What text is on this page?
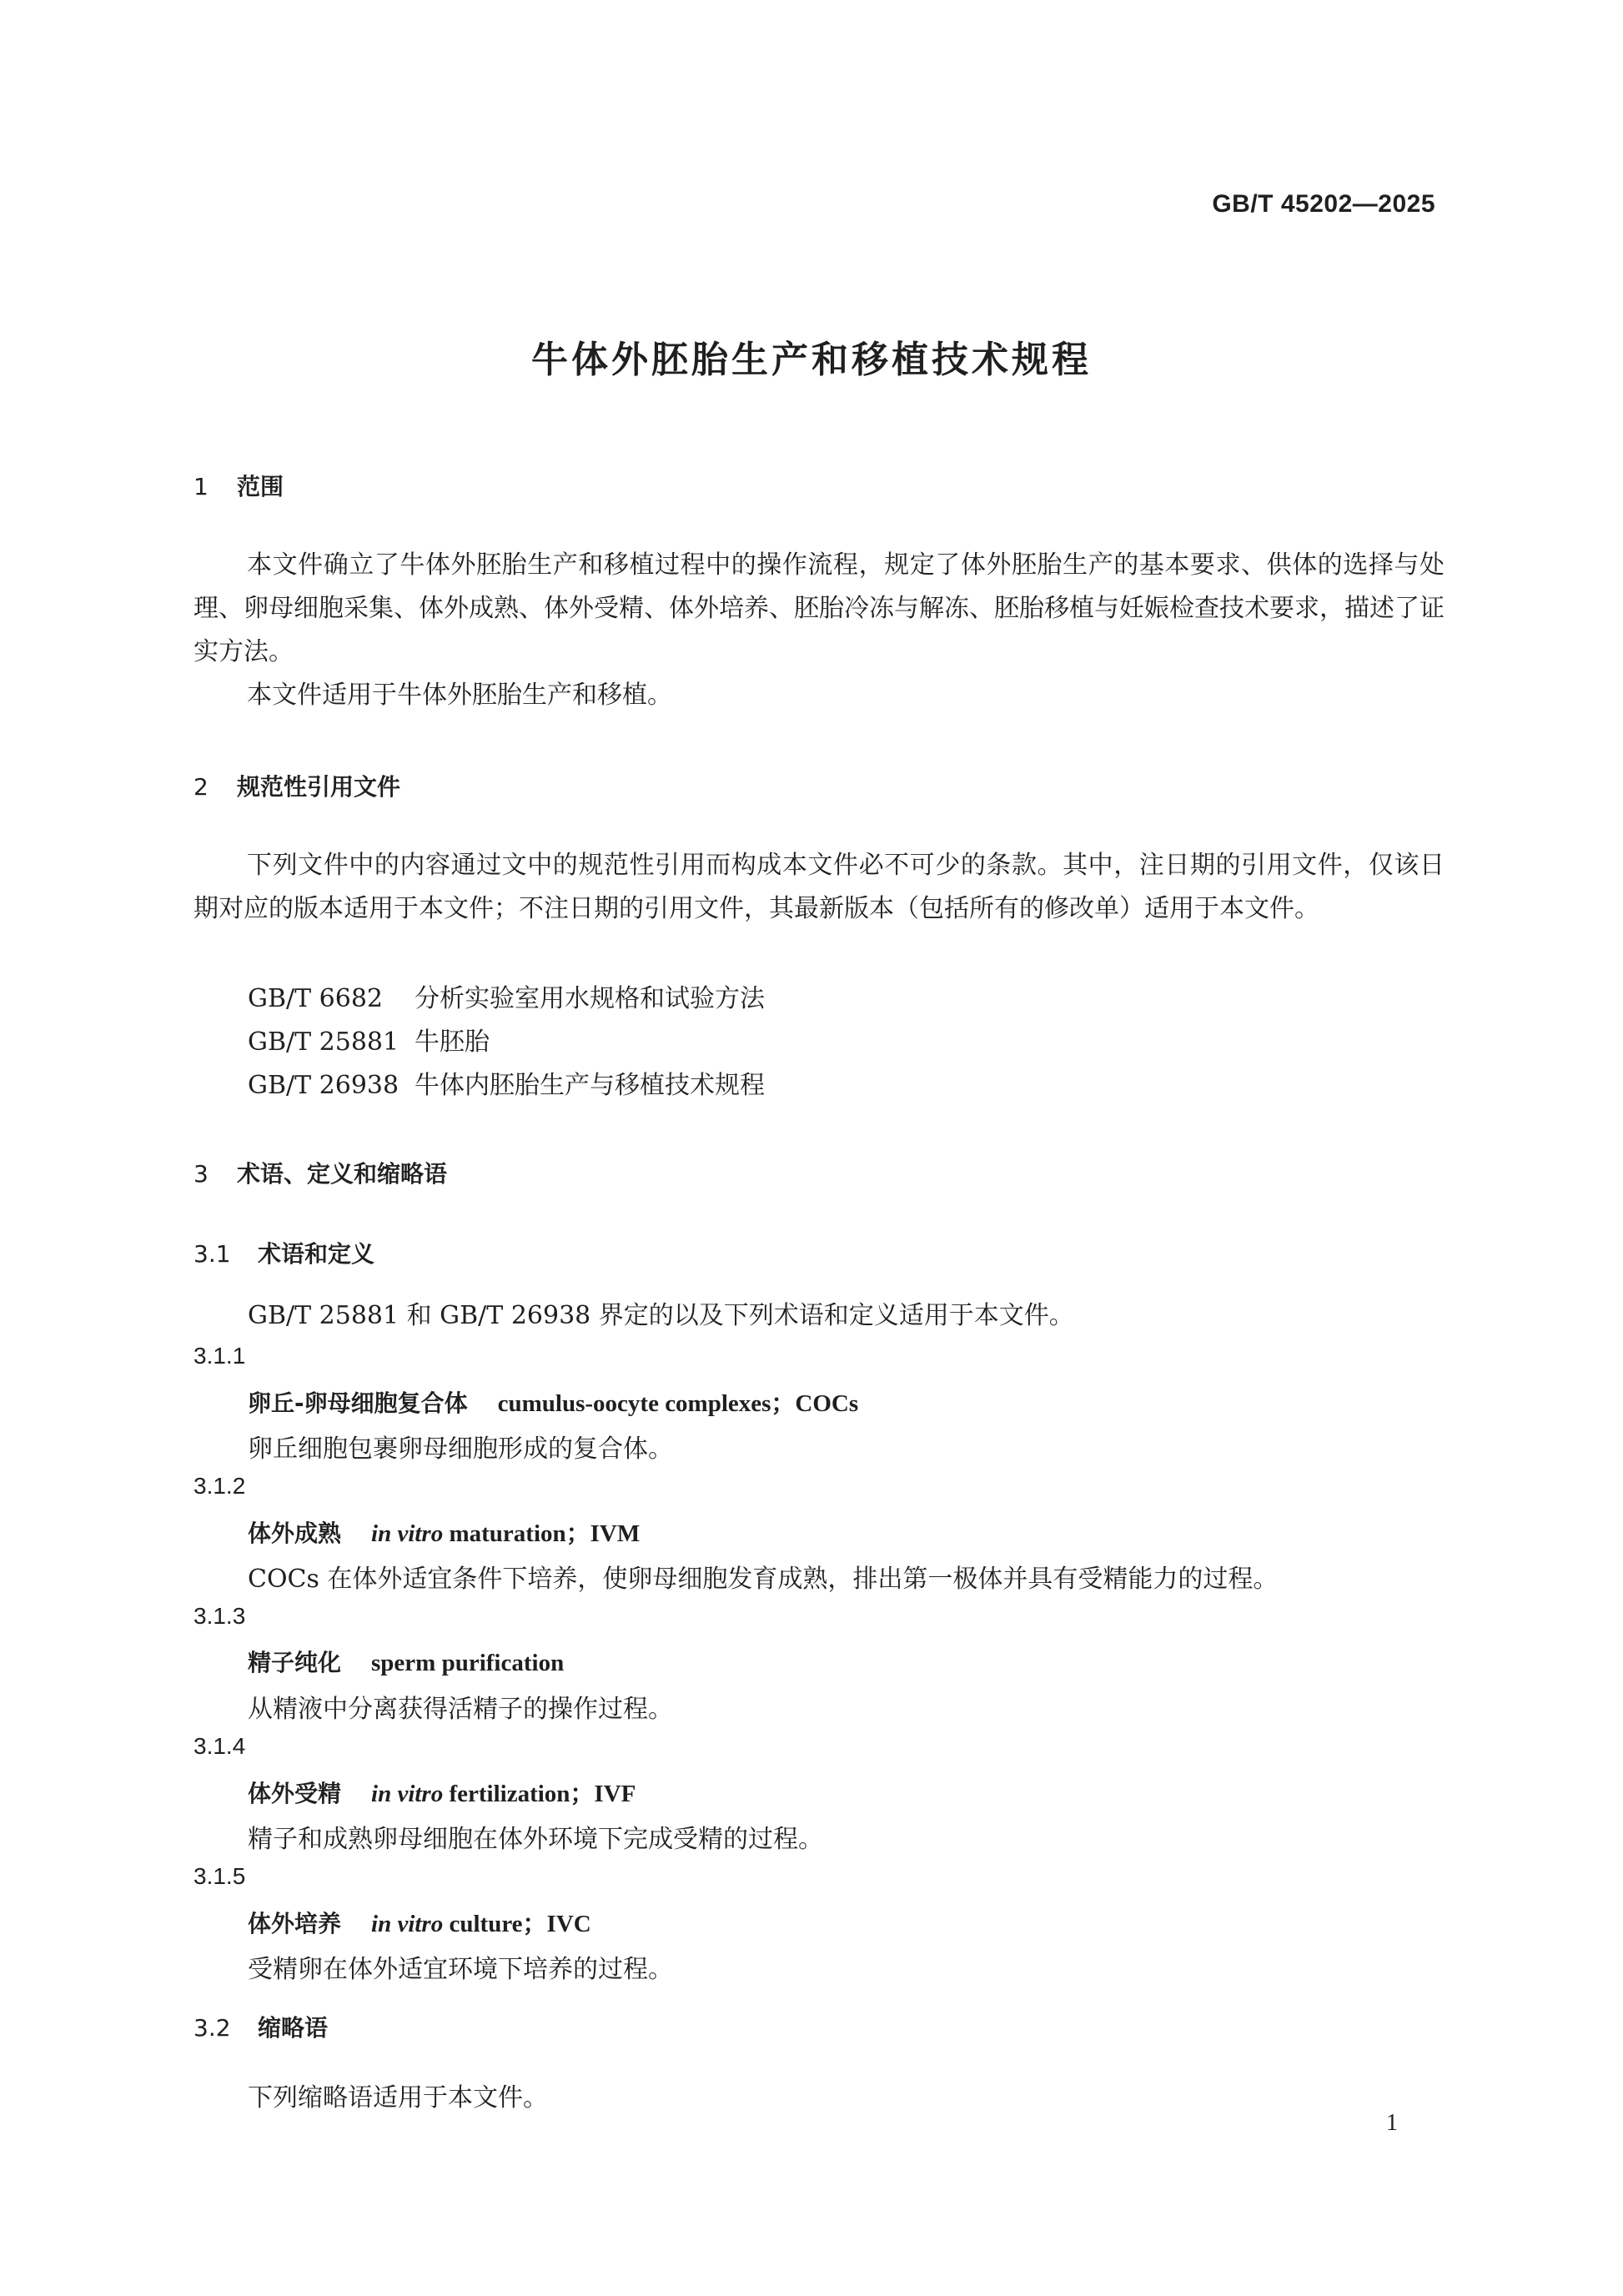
GB/T 45202—2025
牛体外胚胎生产和移植技术规程
1 范围
本文件确立了牛体外胚胎生产和移植过程中的操作流程，规定了体外胚胎生产的基本要求、供体的选择与处理、卵母细胞采集、体外成熟、体外受精、体外培养、胚胎冷冻与解冻、胚胎移植与妊娠检查技术要求，描述了证实方法。
本文件适用于牛体外胚胎生产和移植。
2 规范性引用文件
下列文件中的内容通过文中的规范性引用而构成本文件必不可少的条款。其中，注日期的引用文件，仅该日期对应的版本适用于本文件；不注日期的引用文件，其最新版本（包括所有的修改单）适用于本文件。
GB/T 6682 分析实验室用水规格和试验方法
GB/T 25881 牛胚胎
GB/T 26938 牛体内胚胎生产与移植技术规程
3 术语、定义和缩略语
3.1 术语和定义
GB/T 25881 和 GB/T 26938 界定的以及下列术语和定义适用于本文件。
3.1.1
卵丘-卵母细胞复合体 cumulus-oocyte complexes；COCs
卵丘细胞包裹卵母细胞形成的复合体。
3.1.2
体外成熟 in vitro maturation；IVM
COCs 在体外适宜条件下培养，使卵母细胞发育成熟，排出第一极体并具有受精能力的过程。
3.1.3
精子纯化 sperm purification
从精液中分离获得活精子的操作过程。
3.1.4
体外受精 in vitro fertilization；IVF
精子和成熟卵母细胞在体外环境下完成受精的过程。
3.1.5
体外培养 in vitro culture；IVC
受精卵在体外适宜环境下培养的过程。
3.2 缩略语
下列缩略语适用于本文件。
1
